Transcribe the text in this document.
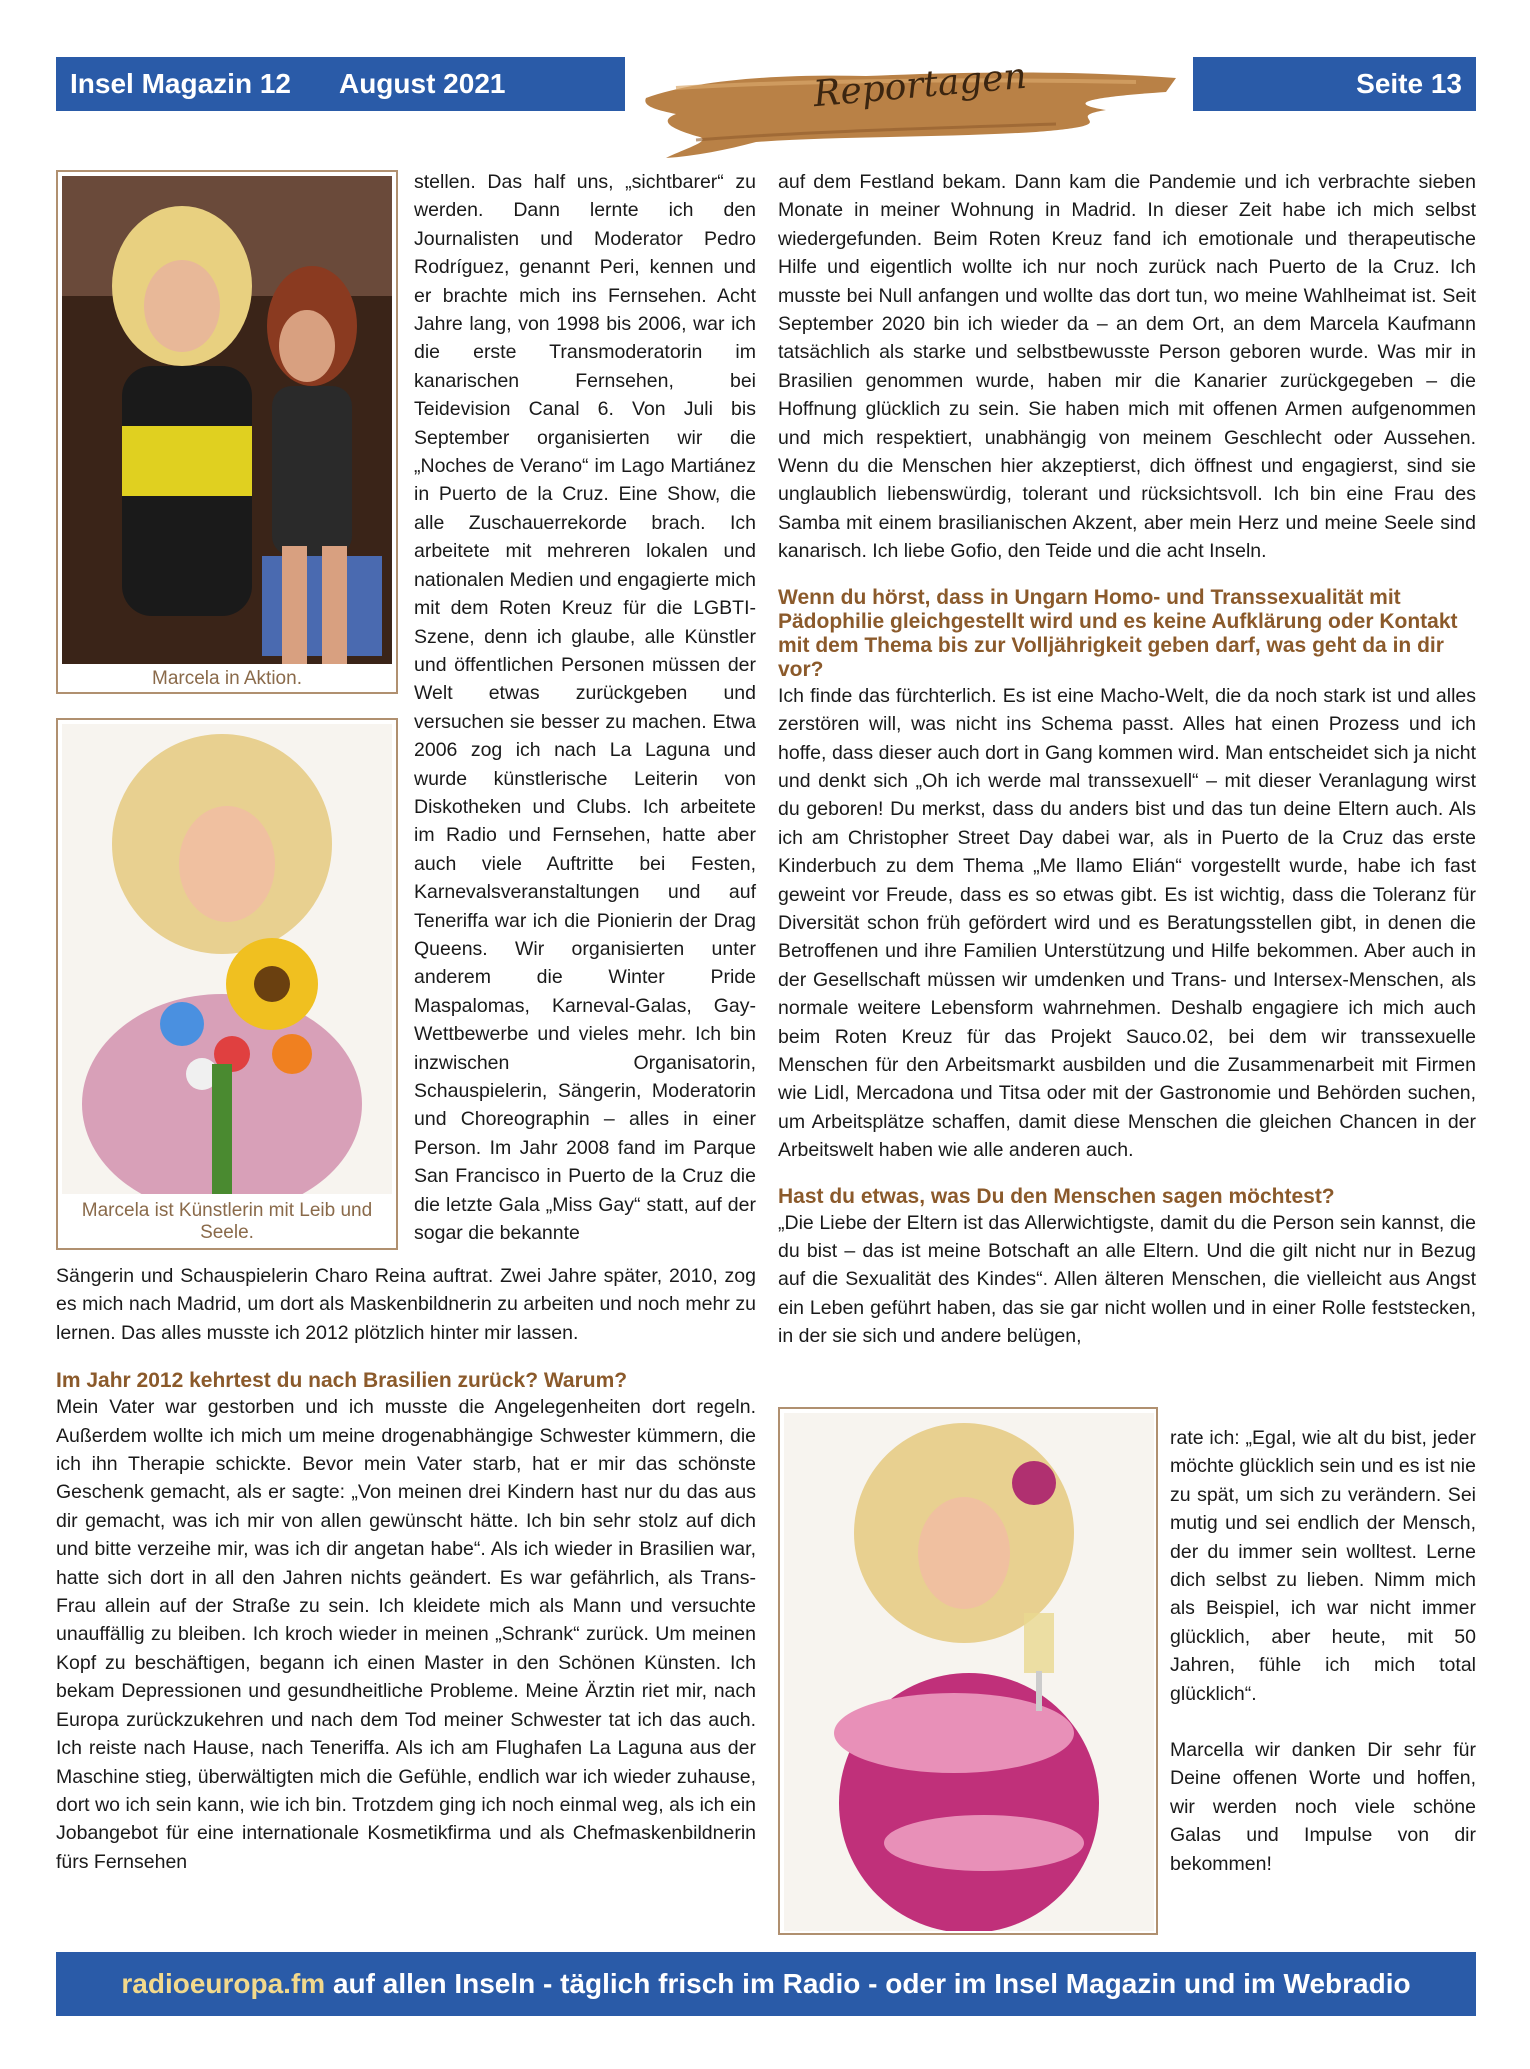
Insel Magazin 12 August 2021	Reportagen	Seite 13
Marcela in Aktion.
Marcela ist Künstlerin mit Leib und Seele.

stellen. Das half uns, „sichtbarer“ zu werden. Dann lernte ich den Journalisten und Moderator Pedro Rodríguez, genannt Peri, kennen und er brachte mich ins Fernsehen. Acht Jahre lang, von 1998 bis 2006, war ich die erste Transmoderatorin im kanarischen Fernsehen, bei Teidevision Canal 6. Von Juli bis September organisierten wir die „Noches de Verano“ im Lago Martiánez in Puerto de la Cruz. Eine Show, die alle Zuschauerrekorde brach. Ich arbeitete mit mehreren lokalen und nationalen Medien und engagierte mich mit dem Roten Kreuz für die LGBTI-Szene, denn ich glaube, alle Künstler und öffentlichen Personen müssen der Welt etwas zurückgeben und versuchen sie besser zu machen. Etwa 2006 zog ich nach La Laguna und wurde künstlerische Leiterin von Diskotheken und Clubs. Ich arbeitete im Radio und Fernsehen, hatte aber auch viele Auftritte bei Festen, Karnevalsveranstaltungen und auf Teneriffa war ich die Pionierin der Drag Queens. Wir organisierten unter anderem die Winter Pride Maspalomas, Karneval-Galas, Gay-Wettbewerbe und vieles mehr. Ich bin inzwischen Organisatorin, Schauspielerin, Sängerin, Moderatorin und Choreographin – alles in einer Person. Im Jahr 2008 fand im Parque San Francisco in Puerto de la Cruz die die letzte Gala „Miss Gay“ statt, auf der sogar die bekannte

Sängerin und Schauspielerin Charo Reina auftrat. Zwei Jahre später, 2010, zog es mich nach Madrid, um dort als Maskenbildnerin zu arbeiten und noch mehr zu lernen. Das alles musste ich 2012 plötzlich hinter mir lassen.

Im Jahr 2012 kehrtest du nach Brasilien zurück? Warum?

Mein Vater war gestorben und ich musste die Angelegenheiten dort regeln. Außerdem wollte ich mich um meine drogenabhängige Schwester kümmern, die ich ihn Therapie schickte. Bevor mein Vater starb, hat er mir das schönste Geschenk gemacht, als er sagte: „Von meinen drei Kindern hast nur du das aus dir gemacht, was ich mir von allen gewünscht hätte. Ich bin sehr stolz auf dich und bitte verzeihe mir, was ich dir angetan habe“. Als ich wieder in Brasilien war, hatte sich dort in all den Jahren nichts geändert. Es war gefährlich, als Trans-Frau allein auf der Straße zu sein. Ich kleidete mich als Mann und versuchte unauffällig zu bleiben. Ich kroch wieder in meinen „Schrank“ zurück. Um meinen Kopf zu beschäftigen, begann ich einen Master in den Schönen Künsten. Ich bekam Depressionen und gesundheitliche Probleme. Meine Ärztin riet mir, nach Europa zurückzukehren und nach dem Tod meiner Schwester tat ich das auch. Ich reiste nach Hause, nach Teneriffa. Als ich am Flughafen La Laguna aus der Maschine stieg, überwältigten mich die Gefühle, endlich war ich wieder zuhause, dort wo ich sein kann, wie ich bin. Trotzdem ging ich noch einmal weg, als ich ein Jobangebot für eine internationale Kosmetikfirma und als Chefmaskenbildnerin fürs Fernsehen

auf dem Festland bekam. Dann kam die Pandemie und ich verbrachte sieben Monate in meiner Wohnung in Madrid. In dieser Zeit habe ich mich selbst wiedergefunden. Beim Roten Kreuz fand ich emotionale und therapeutische Hilfe und eigentlich wollte ich nur noch zurück nach Puerto de la Cruz. Ich musste bei Null anfangen und wollte das dort tun, wo meine Wahlheimat ist. Seit September 2020 bin ich wieder da – an dem Ort, an dem Marcela Kaufmann tatsächlich als starke und selbstbewusste Person geboren wurde. Was mir in Brasilien genommen wurde, haben mir die Kanarier zurückgegeben – die Hoffnung glücklich zu sein. Sie haben mich mit offenen Armen aufgenommen und mich respektiert, unabhängig von meinem Geschlecht oder Aussehen. Wenn du die Menschen hier akzeptierst, dich öffnest und engagierst, sind sie unglaublich liebenswürdig, tolerant und rücksichtsvoll. Ich bin eine Frau des Samba mit einem brasilianischen Akzent, aber mein Herz und meine Seele sind kanarisch. Ich liebe Gofio, den Teide und die acht Inseln.

Wenn du hörst, dass in Ungarn Homo- und Transsexualität mit Pädophilie gleichgestellt wird und es keine Aufklärung oder Kontakt mit dem Thema bis zur Volljährigkeit geben darf, was geht da in dir vor?

Ich finde das fürchterlich. Es ist eine Macho-Welt, die da noch stark ist und alles zerstören will, was nicht ins Schema passt. Alles hat einen Prozess und ich hoffe, dass dieser auch dort in Gang kommen wird. Man entscheidet sich ja nicht und denkt sich „Oh ich werde mal transsexuell“ – mit dieser Veranlagung wirst du geboren! Du merkst, dass du anders bist und das tun deine Eltern auch. Als ich am Christopher Street Day dabei war, als in Puerto de la Cruz das erste Kinderbuch zu dem Thema „Me llamo Elián“ vorgestellt wurde, habe ich fast geweint vor Freude, dass es so etwas gibt. Es ist wichtig, dass die Toleranz für Diversität schon früh gefördert wird und es Beratungsstellen gibt, in denen die Betroffenen und ihre Familien Unterstützung und Hilfe bekommen. Aber auch in der Gesellschaft müssen wir umdenken und Trans- und Intersex-Menschen, als normale weitere Lebensform wahrnehmen. Deshalb engagiere ich mich auch beim Roten Kreuz für das Projekt Sauco.02, bei dem wir transsexuelle Menschen für den Arbeitsmarkt ausbilden und die Zusammenarbeit mit Firmen wie Lidl, Mercadona und Titsa oder mit der Gastronomie und Behörden suchen, um Arbeitsplätze schaffen, damit diese Menschen die gleichen Chancen in der Arbeitswelt haben wie alle anderen auch.

Hast du etwas, was Du den Menschen sagen möchtest?

„Die Liebe der Eltern ist das Allerwichtigste, damit du die Person sein kannst, die du bist – das ist meine Botschaft an alle Eltern. Und die gilt nicht nur in Bezug auf die Sexualität des Kindes“. Allen älteren Menschen, die vielleicht aus Angst ein Leben geführt haben, das sie gar nicht wollen und in einer Rolle feststecken, in der sie sich und andere belügen,

rate ich: „Egal, wie alt du bist, jeder möchte glücklich sein und es ist nie zu spät, um sich zu verändern. Sei mutig und sei endlich der Mensch, der du immer sein wolltest. Lerne dich selbst zu lieben. Nimm mich als Beispiel, ich war nicht immer glücklich, aber heute, mit 50 Jahren, fühle ich mich total glücklich“.

Marcella wir danken Dir sehr für Deine offenen Worte und hoffen, wir werden noch viele schöne Galas und Impulse von dir bekommen!

radioeuropa.fm auf allen Inseln - täglich frisch im Radio - oder im Insel Magazin und im Webradio
